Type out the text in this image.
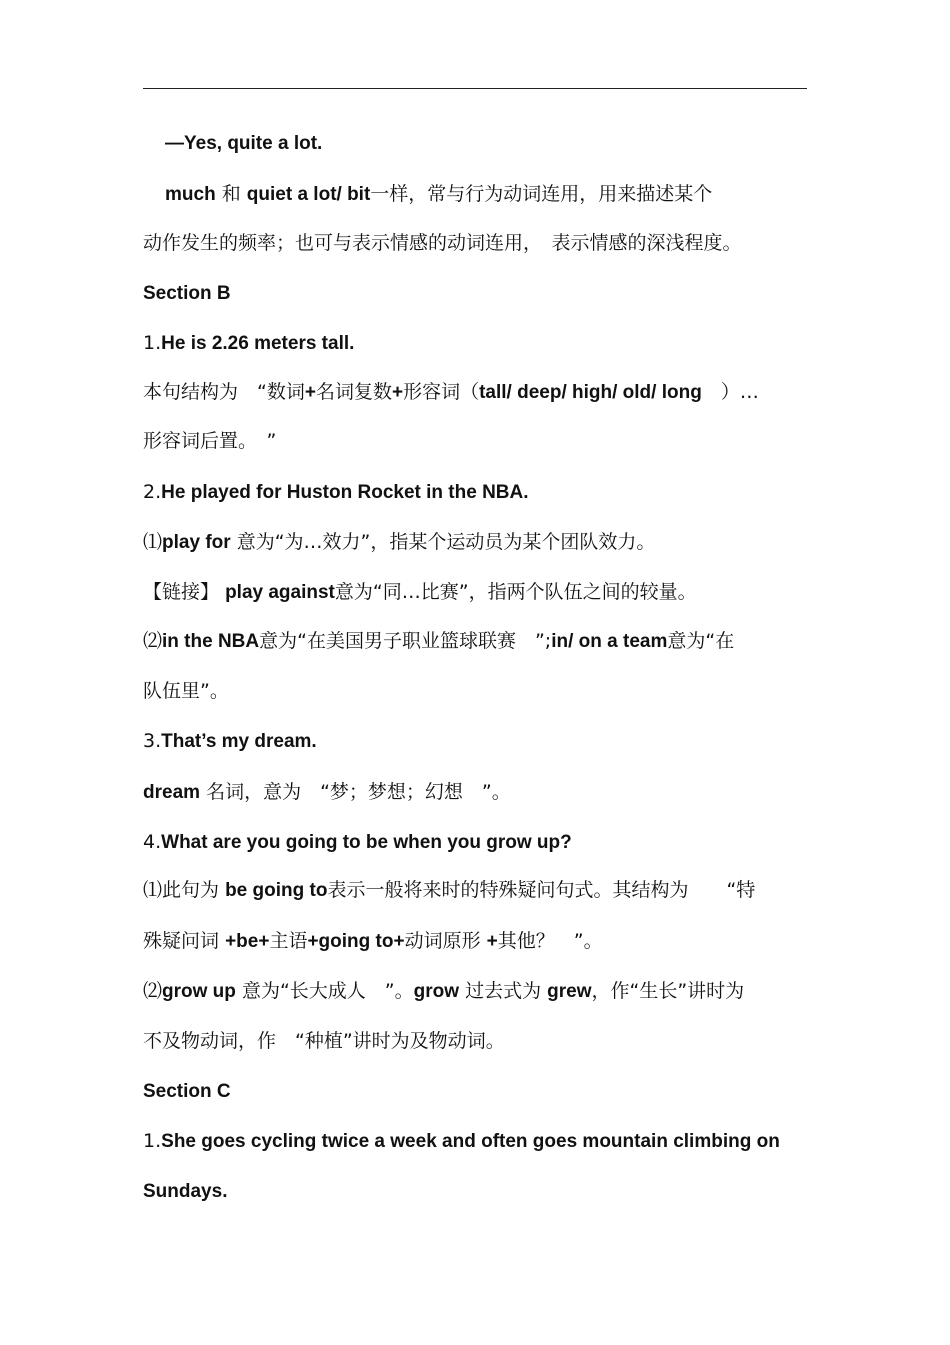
—Yes, quite a lot.
much 和 quiet a lot/ bit一样，常与行为动词连用，用来描述某个
动作发生的频率；也可与表示情感的动词连用，　表示情感的深浅程度。
Section B
1.He is 2.26 meters tall.
本句结构为　“数词+名词复数+形容词（tall/ deep/ high/ old/ long　）…
形容词后置。　”
2.He played for Huston Rocket in the NBA.
⑴play for 意为“为…效力”，指某个运动员为某个团队效力。
【链接】 play against意为“同…比赛”，指两个队伍之间的较量。
⑵in the NBA意为“在美国男子职业篮球联赛　”;in/ on a team意为“在
队伍里”。
3.That’s my dream.
dream 名词，意为　“梦；梦想；幻想　”。
4.What are you going to be when you grow up?
⑴此句为 be going to表示一般将来时的特殊疑问句式。其结构为　　“特
殊疑问词 +be+主语+going to+动词原形 +其他？　”。
⑵grow up 意为“长大成人　”。grow 过去式为 grew，作“生长”讲时为
不及物动词，作　“种植”讲时为及物动词。
Section C
1.She goes cycling twice a week and often goes mountain climbing on
Sundays.
